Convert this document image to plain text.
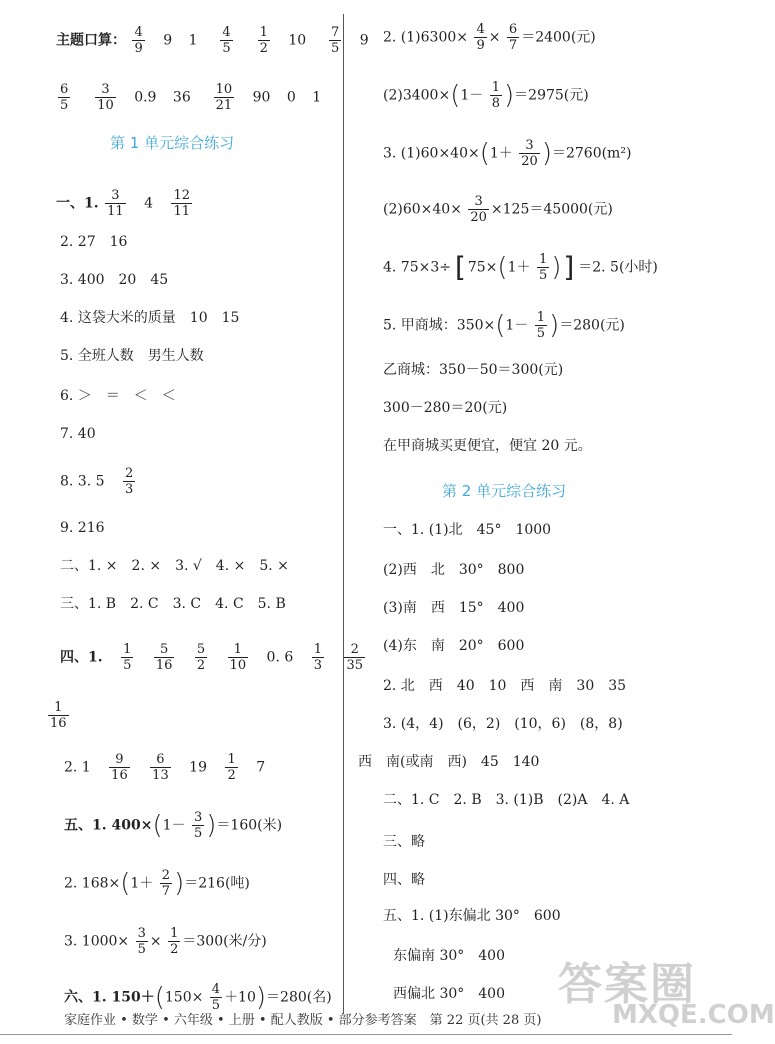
主题口算： $\frac{4}{9} 9$ $1 \frac{4}{5}$
$\frac{1}{2} 10 \frac{7}{5} 9$
$\frac{6}{5}$
$\frac{3}{10} 0.9$ $36 \frac{10}{21} 90$ 0 1
第 1 单元综合练习
一、1. $\frac{3}{11} 4 \frac{12}{11}$
2. 27　16
3. 400　20　45
4. 这袋大米的质量　10　15
5. 全班人数　男生人数
6. ＞　＝　＜　＜
7. 40
8. 3. $5 \frac{2}{3}$
9. 216
二、1. ×　2. ×　3. √　4. ×　5. ×
三、1. B　2. C　3. C　4. C　5. B
四、1. $\frac{1}{5}$
$\frac{5}{16}$
$\frac{5}{2}$
$\frac{1}{10} 0$. $6 \frac{1}{3}$
$\frac{2}{35}$
$\frac{1}{16}$
2. $1 \frac{9}{16}$
$\frac{6}{13} 19 \frac{1}{2} 7$
五、1. $400\times(1- \frac{3}{5} )=160$(米)
2. $168\times(1+ \frac{2}{7} )=216$(吨)
3. $1000\times \frac{3}{5} \times \frac{1}{2} =300$(米/分)
六、1. $150+(150\times \frac{4}{5} +10)=280$(名)
2. $(1)6300\times \frac{4}{9} \times \frac{6}{7} =2400$(元)
$(2)3400\times(1- \frac{1}{8} )=2975$(元)
3. $(1)60\times 40\times(1+ \frac{3}{20} )=2760(m^2)$
$(2)60\times 40\times \frac{3}{20} \times 125=45000$(元)
4. $75\times 3\div[75\times(1+ \frac{1}{5} )]=2$. 5(小时)
5. 甲商城：$350\times(1- \frac{1}{5} )=280$(元)
乙商城：350－50＝300(元)
300－280＝20(元)
在甲商城买更便宜，便宜 20 元。
第 2 单元综合练习
一、1. (1)北　45°　1000
(2)西　北　30°　800
(3)南　西　15°　400
(4)东　南　20°　600
2. 北　西　40　10　西　南　30　35
3. (4，4)　(6，2)　(10，6)　(8，8)
西　南(或南　西)　45　140
二、1. C　2. B　3. (1)B　(2)A　4. A
三、略
四、略
五、1. (1)东偏北 30°　600
东偏南 30°　400
西偏北 30°　400 答案圈
MXQE.COM
家庭作业 • 数学 • 六年级 • 上册 • 配人教版 • 部分参考答案　第 22 页(共 28 页)
